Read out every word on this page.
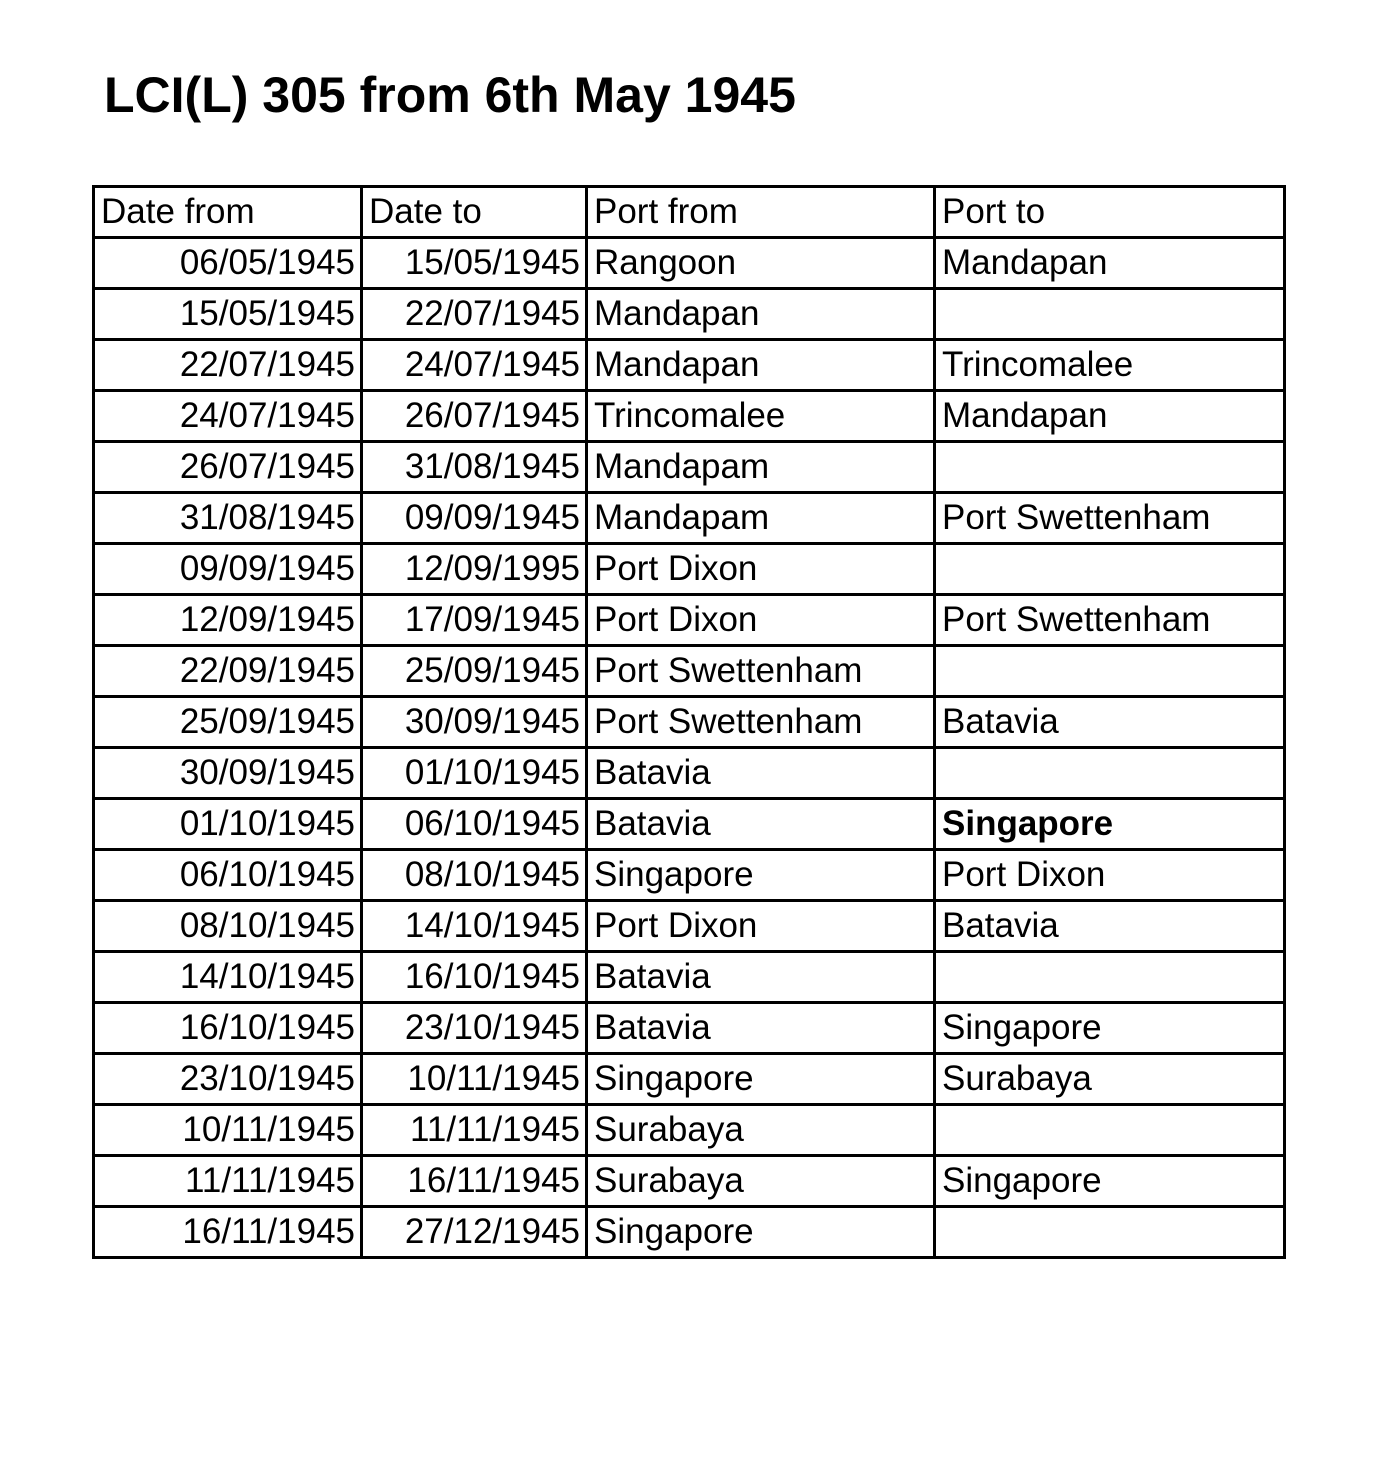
LCI(L) 305 from 6th May 1945
Date from	Date to	Port from	Port to
06/05/1945	15/05/1945	Rangoon	Mandapan
15/05/1945	22/07/1945	Mandapan	
22/07/1945	24/07/1945	Mandapan	Trincomalee
24/07/1945	26/07/1945	Trincomalee	Mandapan
26/07/1945	31/08/1945	Mandapam	
31/08/1945	09/09/1945	Mandapam	Port Swettenham
09/09/1945	12/09/1995	Port Dixon	
12/09/1945	17/09/1945	Port Dixon	Port Swettenham
22/09/1945	25/09/1945	Port Swettenham	
25/09/1945	30/09/1945	Port Swettenham	Batavia
30/09/1945	01/10/1945	Batavia	
01/10/1945	06/10/1945	Batavia	Singapore
06/10/1945	08/10/1945	Singapore	Port Dixon
08/10/1945	14/10/1945	Port Dixon	Batavia
14/10/1945	16/10/1945	Batavia	
16/10/1945	23/10/1945	Batavia	Singapore
23/10/1945	10/11/1945	Singapore	Surabaya
10/11/1945	11/11/1945	Surabaya	
11/11/1945	16/11/1945	Surabaya	Singapore
16/11/1945	27/12/1945	Singapore	
